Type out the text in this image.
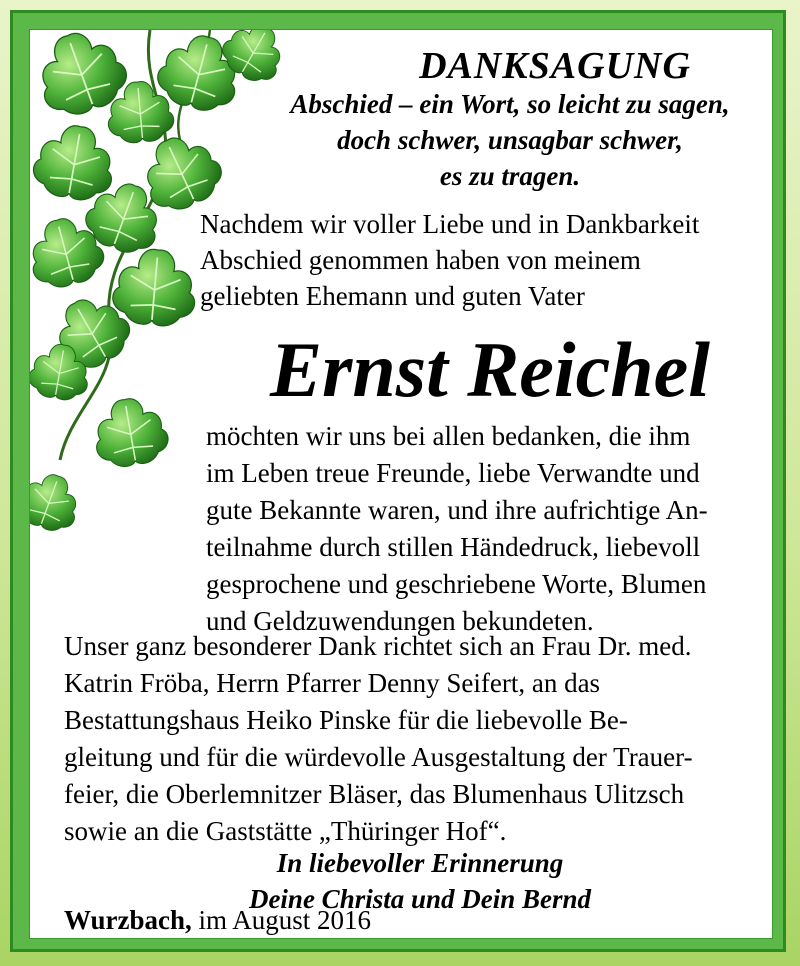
DANKSAGUNG
Abschied – ein Wort, so leicht zu sagen,
doch schwer, unsagbar schwer,
es zu tragen.
Nachdem wir voller Liebe und in Dankbarkeit
Abschied genommen haben von meinem
geliebten Ehemann und guten Vater
Ernst Reichel
möchten wir uns bei allen bedanken, die ihm
im Leben treue Freunde, liebe Verwandte und
gute Bekannte waren, und ihre aufrichtige An-
teilnahme durch stillen Händedruck, liebevoll
gesprochene und geschriebene Worte, Blumen
und Geldzuwendungen bekundeten.
Unser ganz besonderer Dank richtet sich an Frau Dr. med.
Katrin Fröba, Herrn Pfarrer Denny Seifert, an das
Bestattungshaus Heiko Pinske für die liebevolle Be-
gleitung und für die würdevolle Ausgestaltung der Trauer-
feier, die Oberlemnitzer Bläser, das Blumenhaus Ulitzsch
sowie an die Gaststätte „Thüringer Hof“.
In liebevoller Erinnerung
Deine Christa und Dein Bernd
Wurzbach, im August 2016
